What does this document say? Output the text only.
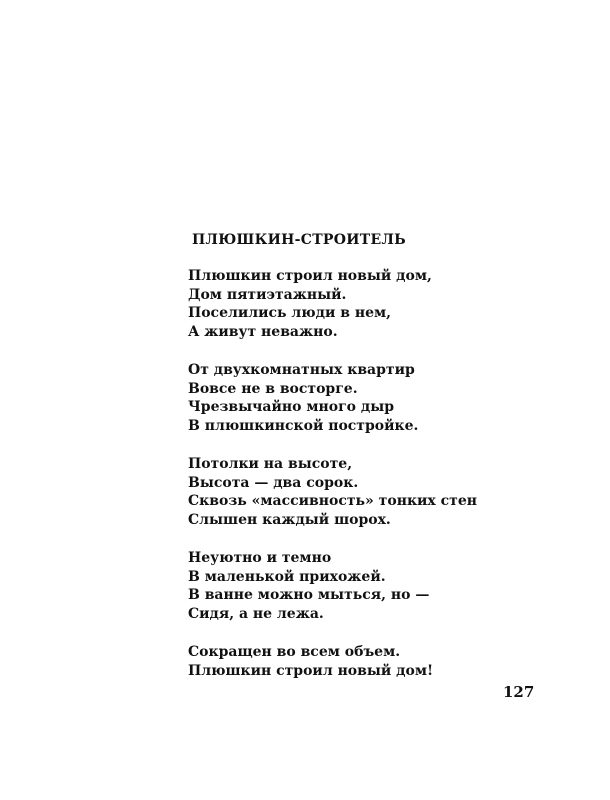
ПЛЮШКИН-СТРОИТЕЛЬ
Плюшкин строил новый дом,
Дом пятиэтажный.
Поселились люди в нем,
А живут неважно.
От двухкомнатных квартир
Вовсе не в восторге.
Чрезвычайно много дыр
В плюшкинской постройке.
Потолки на высоте,
Высота — два сорок.
Сквозь «массивность» тонких стен
Слышен каждый шорох.
Неуютно и темно
В маленькой прихожей.
В ванне можно мыться, но —
Сидя, а не лежа.
Сокращен во всем объем.
Плюшкин строил новый дом!
127
